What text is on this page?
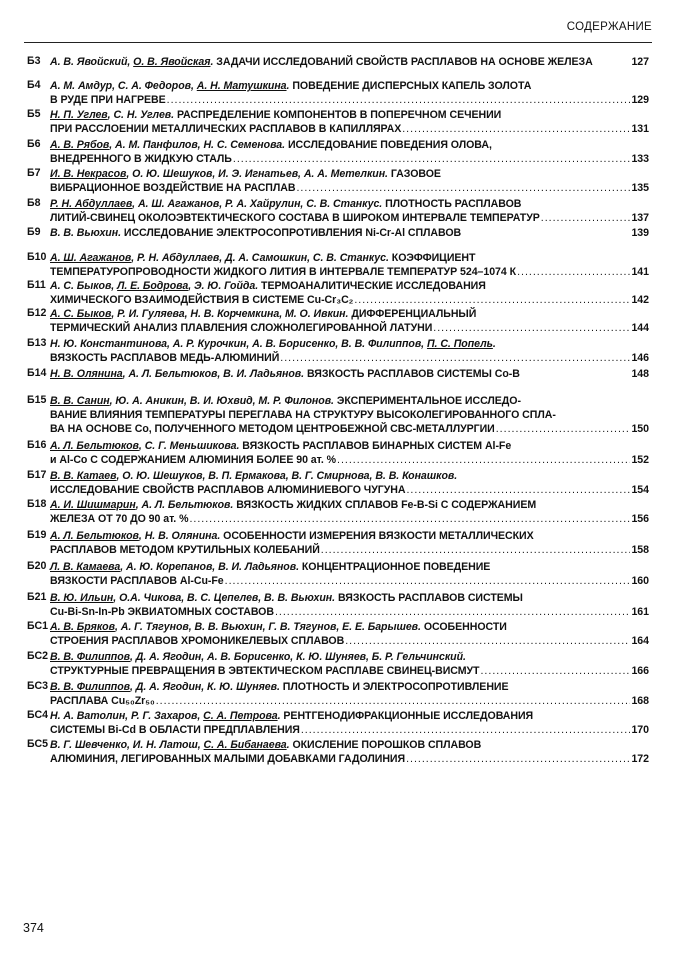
СОДЕРЖАНИЕ
Б3 А. В. Явойский, О. В. Явойская. ЗАДАЧИ ИССЛЕДОВАНИЙ СВОЙСТВ РАСПЛАВОВ НА ОСНОВЕ ЖЕЛЕЗА	127
Б4 А. М. Амдур, С. А. Федоров, А. Н. Матушкина. ПОВЕДЕНИЕ ДИСПЕРСНЫХ КАПЕЛЬ ЗОЛОТА
В РУДЕ ПРИ НАГРЕВЕ .....	129
Б5 Н. П. Углев, С. Н. Углев. РАСПРЕДЕЛЕНИЕ КОМПОНЕНТОВ В ПОПЕРЕЧНОМ СЕЧЕНИИ
ПРИ РАССЛОЕНИИ МЕТАЛЛИЧЕСКИХ РАСПЛАВОВ В КАПИЛЛЯРАХ .....	131
Б6 А. В. Рябов, А. М. Панфилов, Н. С. Семенова. ИССЛЕДОВАНИЕ ПОВЕДЕНИЯ ОЛОВА,
ВНЕДРЕННОГО В ЖИДКУЮ СТАЛЬ .....	133
Б7 И. В. Некрасов, О. Ю. Шешуков, И. Э. Игнатьев, А. А. Метелкин. ГАЗОВОЕ
ВИБРАЦИОННОЕ ВОЗДЕЙСТВИЕ НА РАСПЛАВ .....	135
Б8 Р. Н. Абдуллаев, А. Ш. Агажанов, Р. А. Хайрулин, С. В. Станкус. ПЛОТНОСТЬ РАСПЛАВОВ
ЛИТИЙ-СВИНЕЦ ОКОЛОЭВТЕКТИЧЕСКОГО СОСТАВА В ШИРОКОМ ИНТЕРВАЛЕ ТЕМПЕРАТУР .....	137
Б9 В. В. Вьюхин. ИССЛЕДОВАНИЕ ЭЛЕКТРОСОПРОТИВЛЕНИЯ Ni-Cr-Al СПЛАВОВ	139
Б10 А. Ш. Агажанов, Р. Н. Абдуллаев, Д. А. Самошкин, С. В. Станкус. КОЭФФИЦИЕНТ
ТЕМПЕРАТУРОПРОВОДНОСТИ ЖИДКОГО ЛИТИЯ В ИНТЕРВАЛЕ ТЕМПЕРАТУР 524–1074 К .....	141
Б11 А. С. Быков, Л. Е. Бодрова, Э. Ю. Гойда. ТЕРМОАНАЛИТИЧЕСКИЕ ИССЛЕДОВАНИЯ
ХИМИЧЕСКОГО ВЗАИМОДЕЙСТВИЯ В СИСТЕМЕ Cu-Cr₃C₂ .....	142
Б12 А. С. Быков, Р. И. Гуляева, Н. В. Корчемкина, М. О. Ивкин. ДИФФЕРЕНЦИАЛЬНЫЙ
ТЕРМИЧЕСКИЙ АНАЛИЗ ПЛАВЛЕНИЯ СЛОЖНОЛЕГИРОВАННОЙ ЛАТУНИ .....	144
Б13 Н. Ю. Константинова, А. Р. Курочкин, А. В. Борисенко, В. В. Филиппов, П. С. Попель.
ВЯЗКОСТЬ РАСПЛАВОВ МЕДЬ-АЛЮМИНИЙ .....	146
Б14 Н. В. Олянина, А. Л. Бельтюков, В. И. Ладьянов. ВЯЗКОСТЬ РАСПЛАВОВ СИСТЕМЫ Co-B	148
Б15 В. В. Санин, Ю. А. Аникин, В. И. Юхвид, М. Р. Филонов. ЭКСПЕРИМЕНТАЛЬНОЕ ИССЛЕДО-
ВАНИЕ ВЛИЯНИЯ ТЕМПЕРАТУРЫ ПЕРЕГЛАВА НА СТРУКТУРУ ВЫСОКОЛЕГИРОВАННОГО СПЛА-
ВА НА ОСНОВЕ Co, ПОЛУЧЕННОГО МЕТОДОМ ЦЕНТРОБЕЖНОЙ СВС-МЕТАЛЛУРГИИ .....	150
Б16 А. Л. Бельтюков, С. Г. Меньшикова. ВЯЗКОСТЬ РАСПЛАВОВ БИНАРНЫХ СИСТЕМ Al-Fe
и Al-Co С СОДЕРЖАНИЕМ АЛЮМИНИЯ БОЛЕЕ 90 ат. % .....	152
Б17 В. В. Катаев, О. Ю. Шешуков, В. П. Ермакова, В. Г. Смирнова, В. В. Конашков.
ИССЛЕДОВАНИЕ СВОЙСТВ РАСПЛАВОВ АЛЮМИНИЕВОГО ЧУГУНА .....	154
Б18 А. И. Шишмарин, А. Л. Бельтюков. ВЯЗКОСТЬ ЖИДКИХ СПЛАВОВ Fe-B-Si С СОДЕРЖАНИЕМ
ЖЕЛЕЗА ОТ 70 ДО 90 ат. % .....	156
Б19 А. Л. Бельтюков, Н. В. Олянина. ОСОБЕННОСТИ ИЗМЕРЕНИЯ ВЯЗКОСТИ МЕТАЛЛИЧЕСКИХ
РАСПЛАВОВ МЕТОДОМ КРУТИЛЬНЫХ КОЛЕБАНИЙ .....	158
Б20 Л. В. Камаева, А. Ю. Корепанов, В. И. Ладьянов. КОНЦЕНТРАЦИОННОЕ ПОВЕДЕНИЕ
ВЯЗКОСТИ РАСПЛАВОВ Al-Cu-Fe .....	160
Б21 В. Ю. Ильин, О.А. Чикова, В. С. Цепелев, В. В. Вьюхин. ВЯЗКОСТЬ РАСПЛАВОВ СИСТЕМЫ
Cu-Bi-Sn-In-Pb ЭКВИАТОМНЫХ СОСТАВОВ .....	161
БС1 А. В. Бряков, А. Г. Тягунов, В. В. Вьюхин, Г. В. Тягунов, Е. Е. Барышев. ОСОБЕННОСТИ
СТРОЕНИЯ РАСПЛАВОВ ХРОМОНИКЕЛЕВЫХ СПЛАВОВ .....	164
БС2 В. В. Филиппов, Д. А. Ягодин, А. В. Борисенко, К. Ю. Шуняев, Б. Р. Гельчинский.
СТРУКТУРНЫЕ ПРЕВРАЩЕНИЯ В ЭВТЕКТИЧЕСКОМ РАСПЛАВЕ СВИНЕЦ-ВИСМУТ .....	166
БС3 В. В. Филиппов, Д. А. Ягодин, К. Ю. Шуняев. ПЛОТНОСТЬ И ЭЛЕКТРОСОПРОТИВЛЕНИЕ
РАСПЛАВА Cu₅₀Zr₅₀ .....	168
БС4 Н. А. Ватолин, Р. Г. Захаров, С. А. Петрова. РЕНТГЕНОДИФРАКЦИОННЫЕ ИССЛЕДОВАНИЯ
СИСТЕМЫ Bi-Cd В ОБЛАСТИ ПРЕДПЛАВЛЕНИЯ .....	170
БС5 В. Г. Шевченко, И. Н. Латош, С. А. Бибанаева. ОКИСЛЕНИЕ ПОРОШКОВ СПЛАВОВ
АЛЮМИНИЯ, ЛЕГИРОВАННЫХ МАЛЫМИ ДОБАВКАМИ ГАДОЛИНИЯ .....	172
374
